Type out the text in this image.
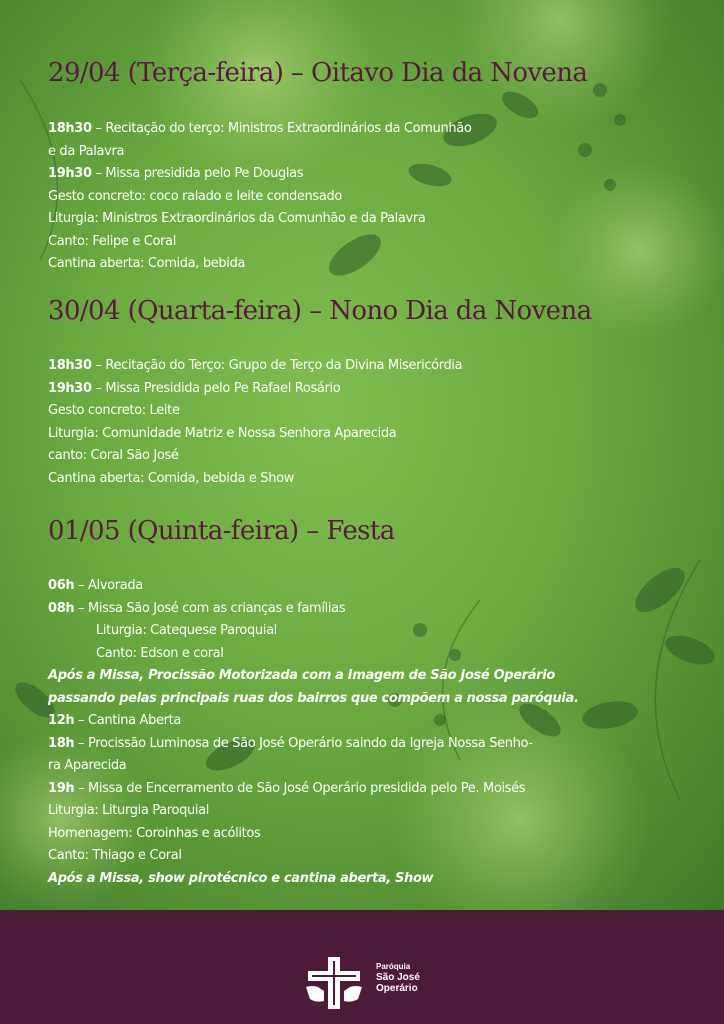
29/04 (Terça-feira) – Oitavo Dia da Novena
18h30 – Recitação do terço: Ministros Extraordinários da Comunhão
e da Palavra
19h30 – Missa presidida pelo Pe Douglas
Gesto concreto: coco ralado e leite condensado
Liturgia: Ministros Extraordinários da Comunhão e da Palavra
Canto: Felipe e Coral
Cantina aberta: Comida, bebida
30/04 (Quarta-feira) – Nono Dia da Novena
18h30 – Recitação do Terço: Grupo de Terço da Divina Misericórdia
19h30 – Missa Presidida pelo Pe Rafael Rosário
Gesto concreto: Leite
Liturgia: Comunidade Matriz e Nossa Senhora Aparecida
canto: Coral São José
Cantina aberta: Comida, bebida e Show
01/05 (Quinta-feira) – Festa
06h – Alvorada
08h – Missa São José com as crianças e famílias
Liturgia: Catequese Paroquial
Canto: Edson e coral
Após a Missa, Procissão Motorizada com a Imagem de São José Operário
passando pelas principais ruas dos bairros que compõem a nossa paróquia.
12h – Cantina Aberta
18h – Procissão Luminosa de São José Operário saindo da Igreja Nossa Senho-
ra Aparecida
19h – Missa de Encerramento de São José Operário presidida pelo Pe. Moisés
Liturgia: Liturgia Paroquial
Homenagem: Coroinhas e acólitos
Canto: Thiago e Coral
Após a Missa, show pirotécnico e cantina aberta, Show
Paróquia
São José
Operário
